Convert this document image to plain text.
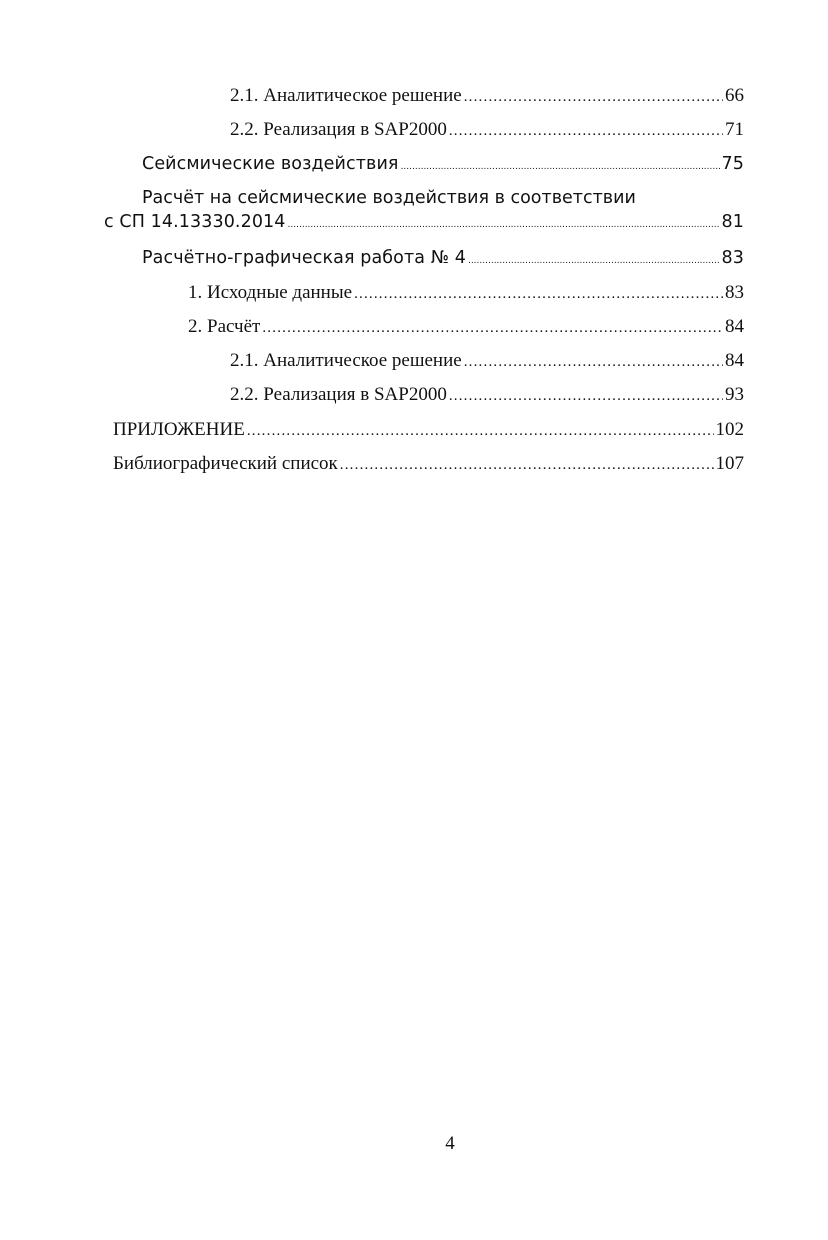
2.1. Аналитическое решение .....	66
2.2. Реализация в SAP2000 .....	71
Сейсмические воздействия .....	75
Расчёт на сейсмические воздействия в соответствии
с СП 14.13330.2014 .....	81
Расчётно-графическая работа № 4 .....	83
1. Исходные данные .....	83
2. Расчёт .....	84
2.1. Аналитическое решение .....	84
2.2. Реализация в SAP2000 .....	93
ПРИЛОЖЕНИЕ .....	102
Библиографический список .....	107
4
